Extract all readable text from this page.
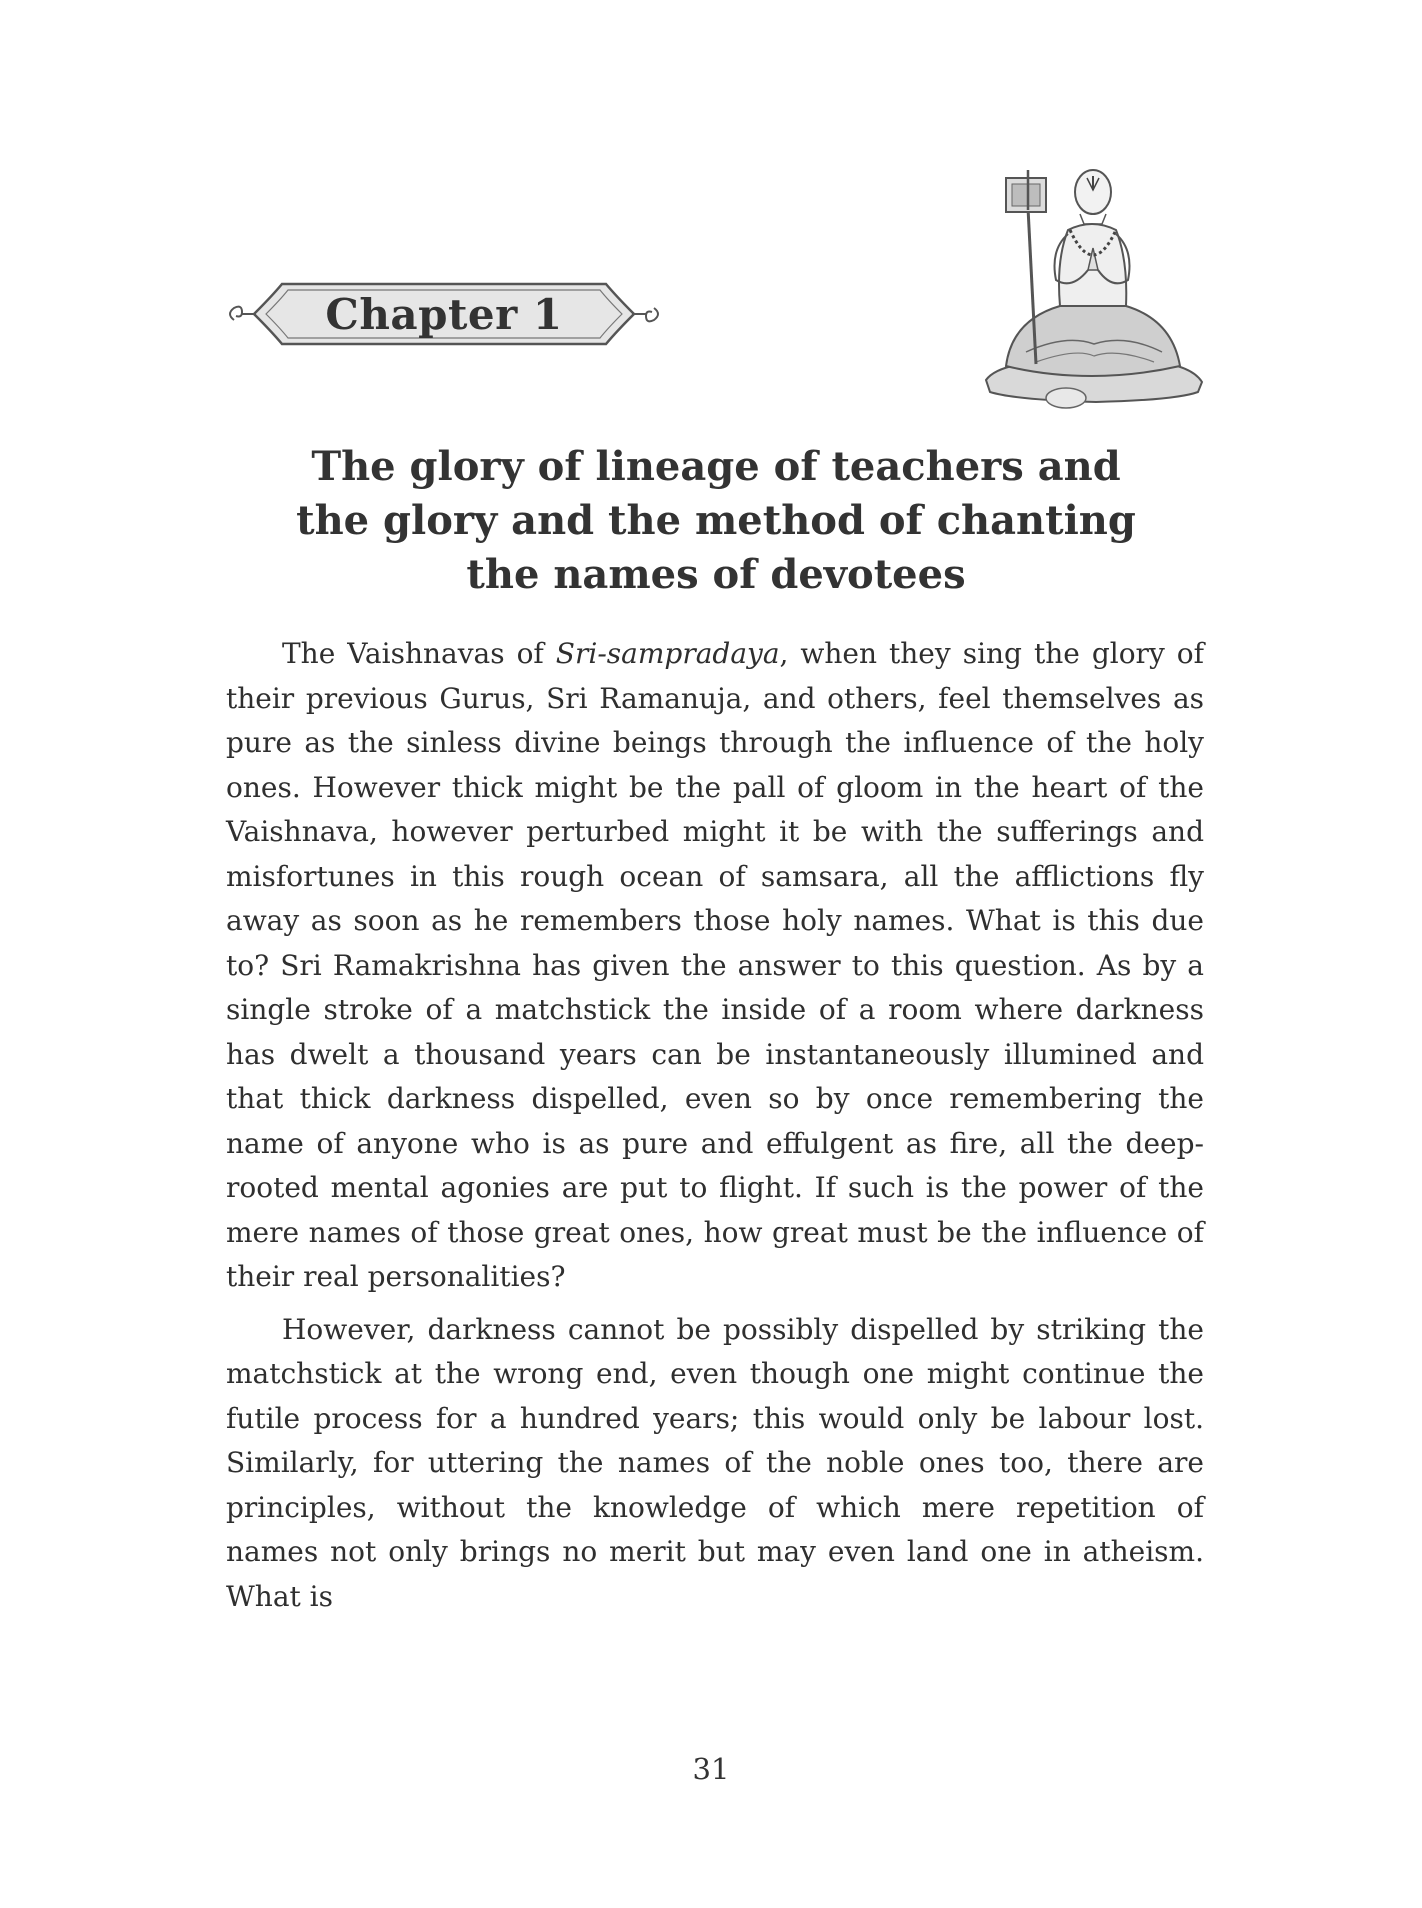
Chapter 1
The glory of lineage of teachers and
the glory and the method of chanting
the names of devotees

The Vaishnavas of Sri-sampradaya, when they sing the glory of their previous Gurus, Sri Ramanuja, and others, feel themselves as pure as the sinless divine beings through the influence of the holy ones. However thick might be the pall of gloom in the heart of the Vaishnava, however perturbed might it be with the sufferings and misfortunes in this rough ocean of samsara, all the afflictions fly away as soon as he remembers those holy names. What is this due to? Sri Ramakrishna has given the answer to this question. As by a single stroke of a matchstick the inside of a room where darkness has dwelt a thousand years can be instantaneously illumined and that thick darkness dispelled, even so by once remembering the name of anyone who is as pure and effulgent as fire, all the deep-rooted mental agonies are put to flight. If such is the power of the mere names of those great ones, how great must be the influence of their real personalities?

However, darkness cannot be possibly dispelled by striking the matchstick at the wrong end, even though one might continue the futile process for a hundred years; this would only be labour lost. Similarly, for uttering the names of the noble ones too, there are principles, without the knowledge of which mere repetition of names not only brings no merit but may even land one in atheism. What is

31
